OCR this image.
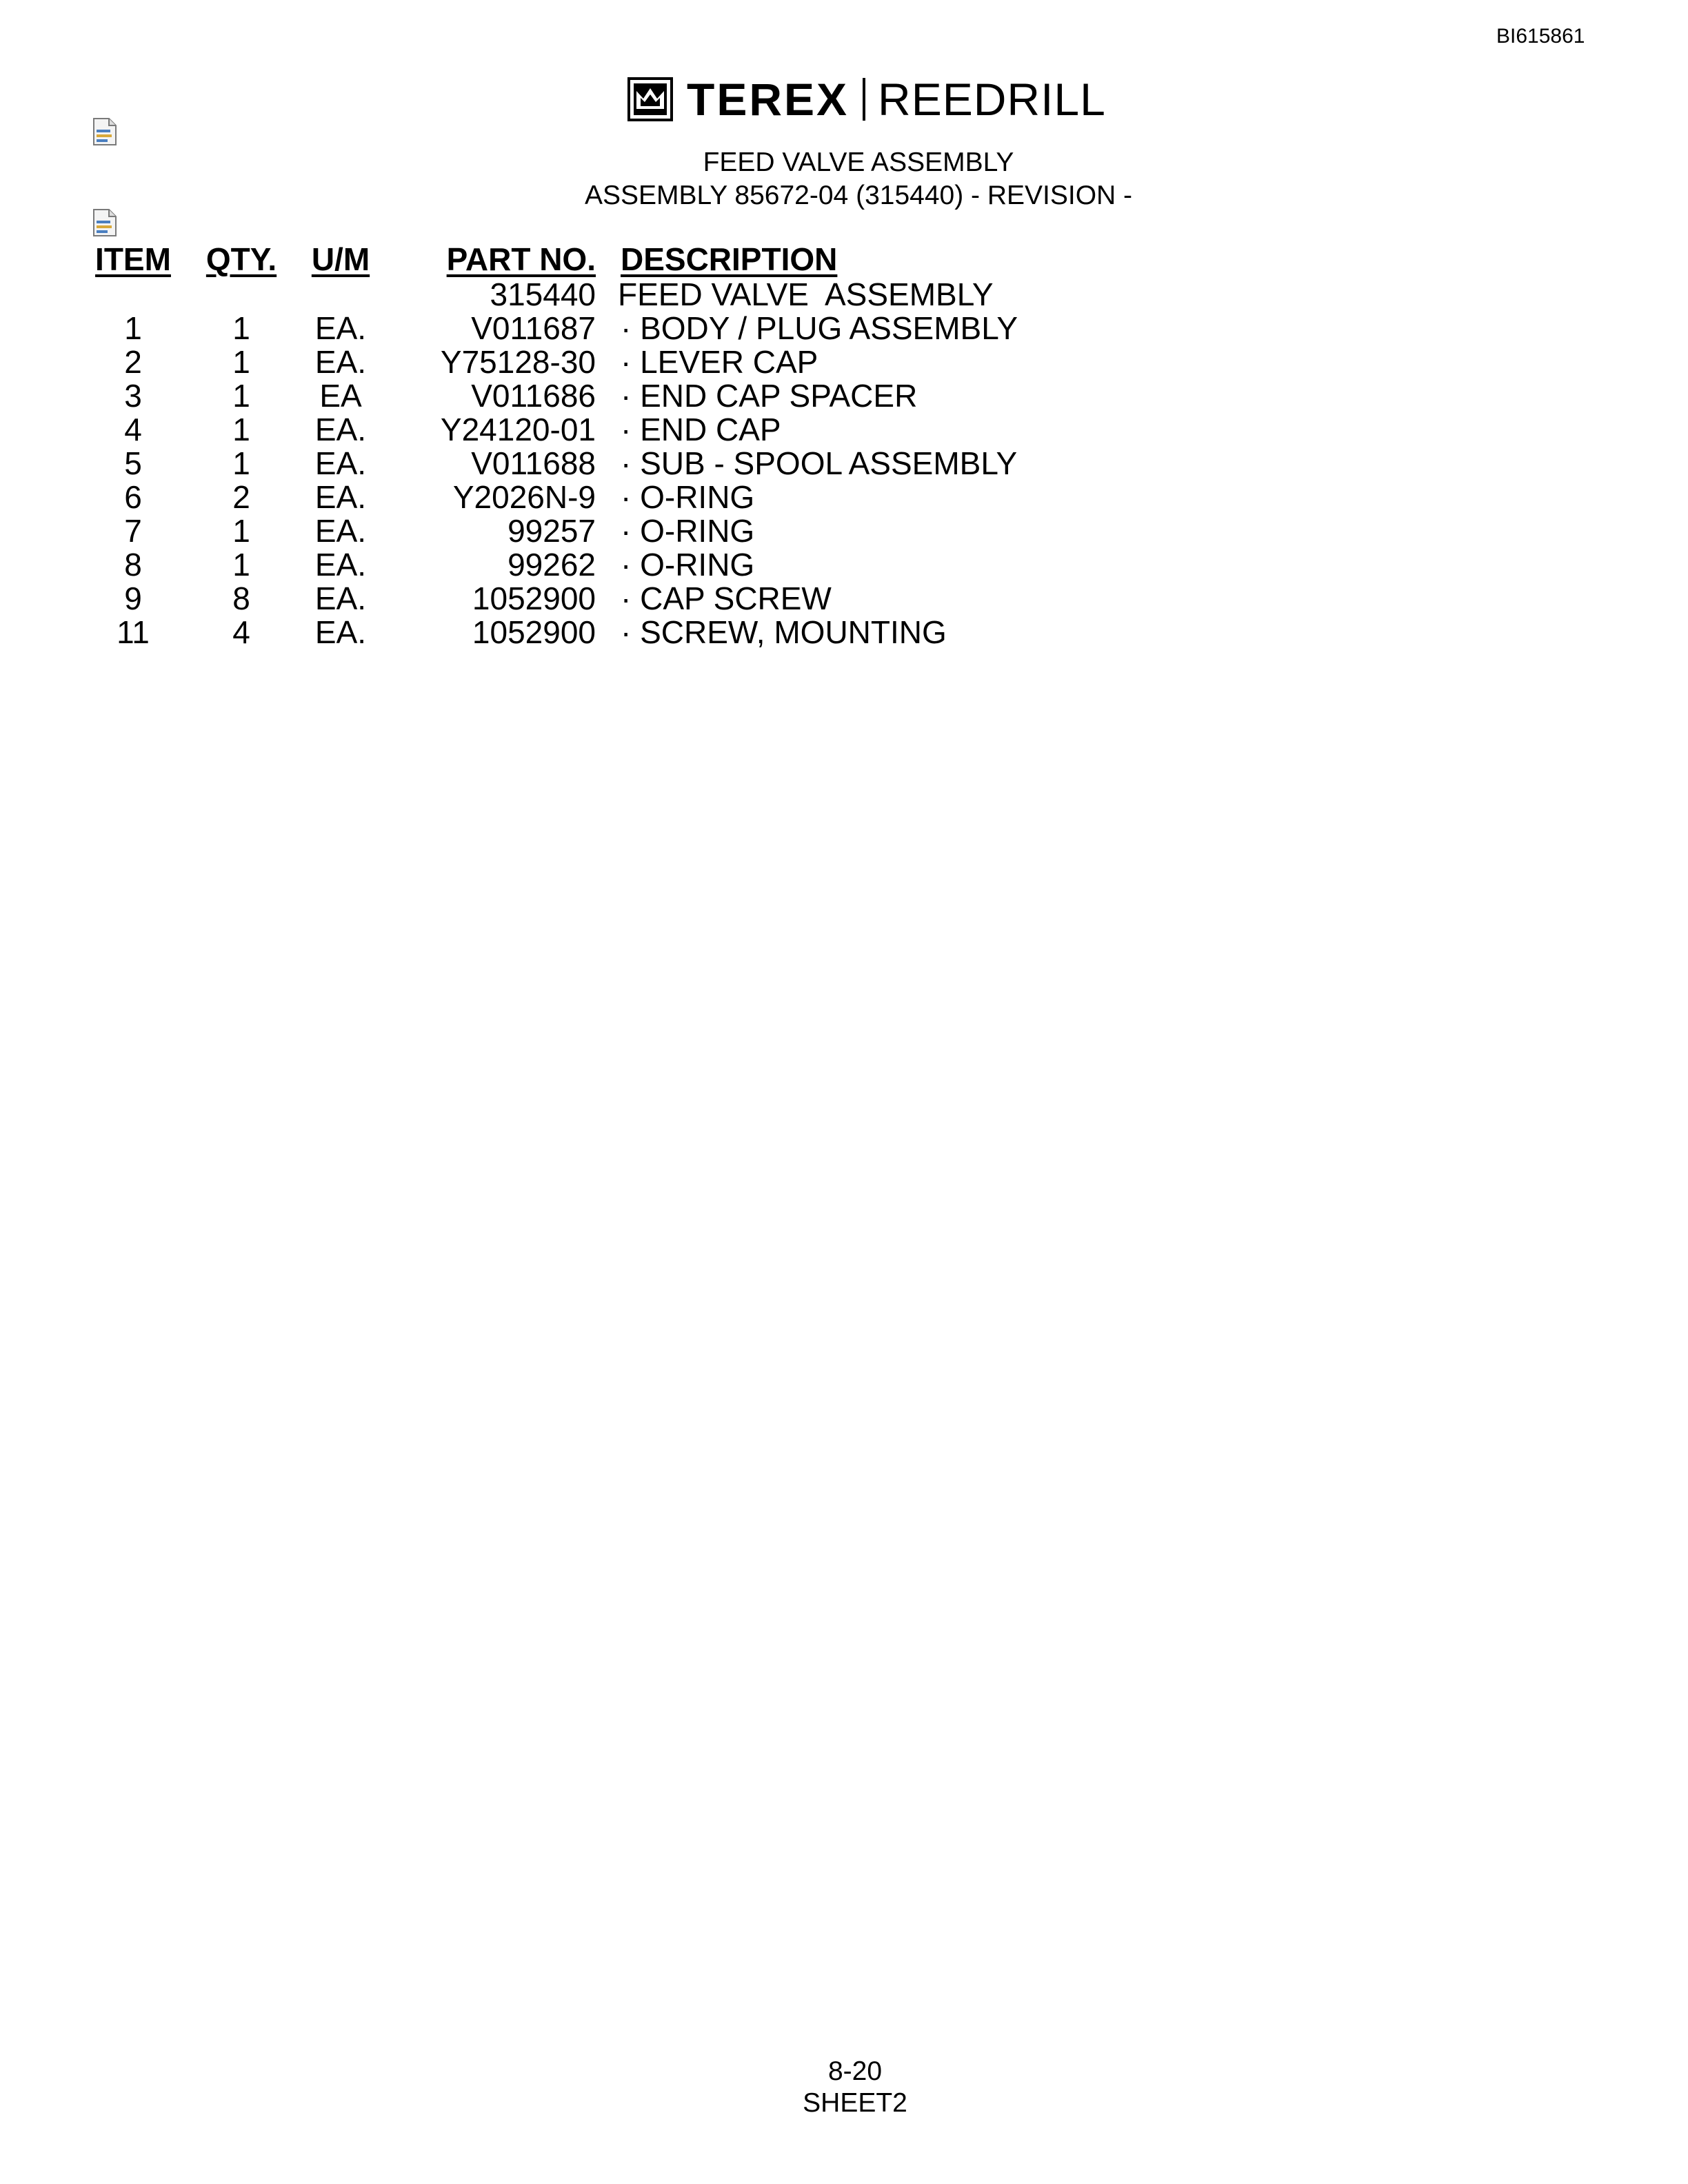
BI615861
TEREX REEDRILL
FEED VALVE ASSEMBLY
ASSEMBLY 85672-04 (315440) - REVISION -
ITEM	QTY.	U/M	PART NO.	DESCRIPTION
			315440	FEED VALVE  ASSEMBLY
1	1	EA.	V011687	· BODY / PLUG ASSEMBLY
2	1	EA.	Y75128-30	· LEVER CAP
3	1	EA	V011686	· END CAP SPACER
4	1	EA.	Y24120-01	· END CAP
5	1	EA.	V011688	· SUB - SPOOL ASSEMBLY
6	2	EA.	Y2026N-9	· O-RING
7	1	EA.	99257	· O-RING
8	1	EA.	99262	· O-RING
9	8	EA.	1052900	· CAP SCREW
11	4	EA.	1052900	· SCREW, MOUNTING
8-20
SHEET2
